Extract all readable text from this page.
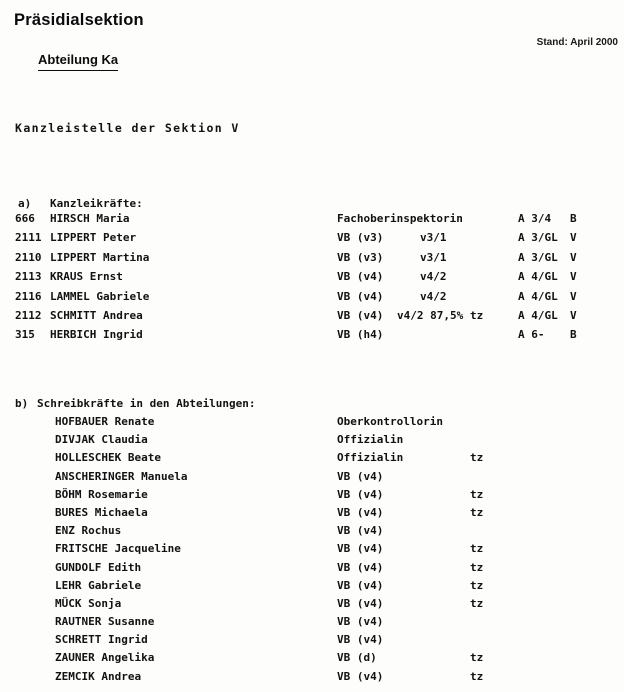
Präsidialsektion
Stand: April 2000
Abteilung Ka
Kanzleistelle der Sektion V

a)

Kanzleikräfte:

666 HIRSCH Maria	Fachoberinspektorin	A 3/4 B
2111 LIPPERT Peter	VB (v3)	v3/1	A 3/GL V
2110 LIPPERT Martina	VB (v3)	v3/1	A 3/GL V
2113 KRAUS Ernst	VB (v4)	v4/2	A 4/GL V
2116 LAMMEL Gabriele	VB (v4)	v4/2	A 4/GL V
2112 SCHMITT Andrea	VB (v4) v4/2 87,5% tz	A 4/GL V
315 HERBICH Ingrid	VB (h4)	A 6- B

b)

Schreibkräfte in den Abteilungen:

HOFBAUER Renate	Oberkontrollorin
DIVJAK Claudia	Offizialin
HOLLESCHEK Beate	Offizialin	tz
ANSCHERINGER Manuela	VB (v4)
BÖHM Rosemarie	VB (v4)	tz
BURES Michaela	VB (v4)	tz
ENZ Rochus	VB (v4)
FRITSCHE Jacqueline	VB (v4)	tz
GUNDOLF Edith	VB (v4)	tz
LEHR Gabriele	VB (v4)	tz
MÜCK Sonja	VB (v4)	tz
RAUTNER Susanne	VB (v4)
SCHRETT Ingrid	VB (v4)
ZAUNER Angelika	VB (d)	tz
ZEMCIK Andrea	VB (v4)	tz
